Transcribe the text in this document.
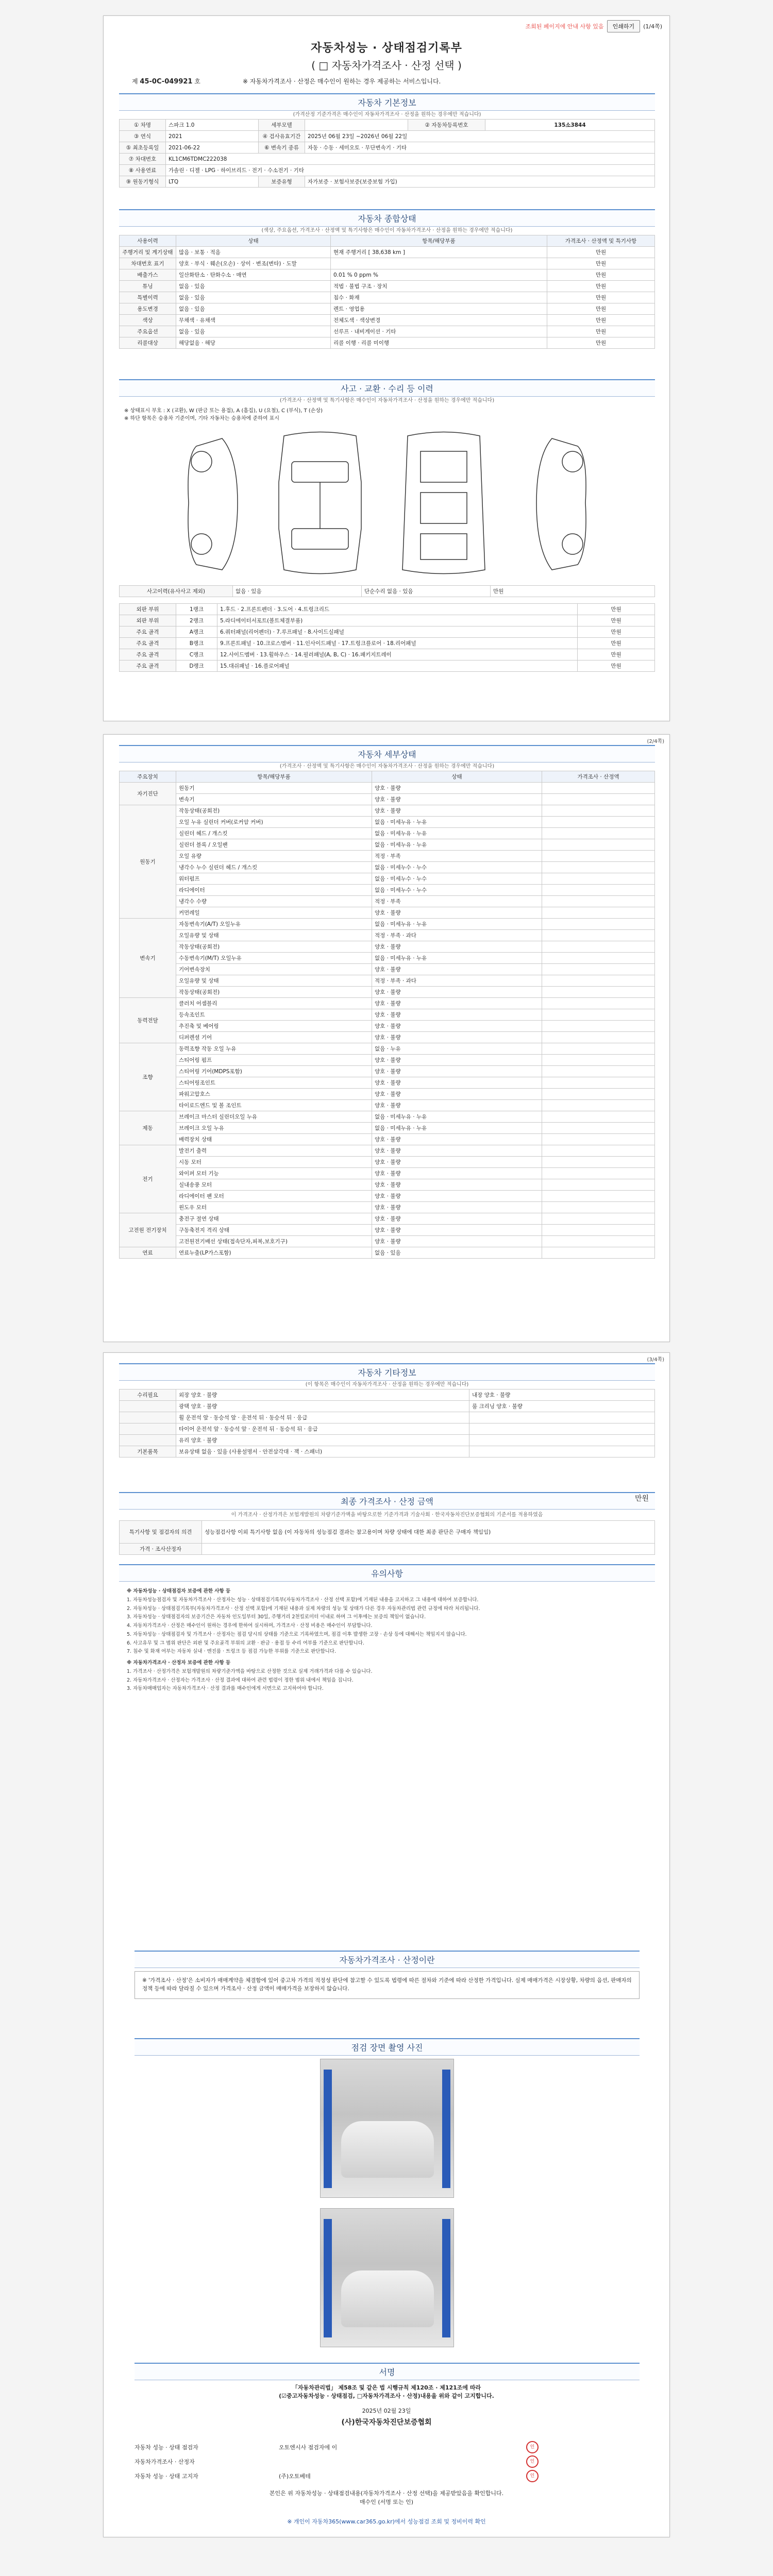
조회된 페이지에 안내 사항 있음	인쇄하기	(1/4쪽)
자동차성능 · 상태점검기록부
( □ 자동차가격조사 · 산정 선택 )
제 45-0C-049921 호	※ 자동차가격조사 · 산정은 매수인이 원하는 경우 제공하는 서비스입니다.
자동차 기본정보
(가격산정 기준가격은 매수인이 자동차가격조사 · 산정을 원하는 경우에만 적습니다)
① 차명	스파크 1.0	세부모델		② 자동차등록번호	135소3844
③ 연식	2021	④ 검사유효기간	2025년 06월 23일 ~2026년 06월 22일		
⑤ 최초등록일	2021-06-22	⑥ 변속기 종류	자동 · 수동 · 세미오토 · 무단변속기 · 기타		
⑦ 차대번호	KL1CM6TDMC222038				
⑧ 사용연료	가솔린 · 디젤 · LPG · 하이브리드 · 전기 · 수소전기 · 기타				
⑨ 원동기형식	LTQ	보증유형	자가보증 · 보험사보증(보증보험 가입)		
자동차 종합상태
(색상, 주요옵션, 가격조사 · 산정액 및 특기사항은 매수인이 자동차가격조사 · 산정을 원하는 경우에만 적습니다)
사용이력	상태	항목/해당부품	가격조사 · 산정액 및 특기사항
주행거리 및 계기상태	많음 · 보통 · 적음	현재 주행거리 [ 38,638 km ]	만원
차대번호 표기	양호 · 부식 · 훼손(오손) · 상이 · 변조(변타) · 도말		만원
배출가스	일산화탄소 · 탄화수소 · 매연	0.01 % 0 ppm %	만원
튜닝	없음 · 있음	적법 · 불법 구조 · 장치	만원
특별이력	없음 · 있음	침수 · 화재	만원
용도변경	없음 · 있음	렌트 · 영업용	만원
색상	무채색 · 유채색	전체도색 · 색상변경	만원
주요옵션	없음 · 있음	선루프 · 내비게이션 · 기타	만원
리콜대상	해당없음 · 해당	리콜 이행 · 리콜 미이행	만원
사고 · 교환 · 수리 등 이력
(가격조사 · 산정액 및 특기사항은 매수인이 자동차가격조사 · 산정을 원하는 경우에만 적습니다)
※ 상태표시 부호 : X (교환), W (판금 또는 용접), A (흠집), U (요철), C (부식), T (손상)
※ 하단 항목은 승용차 기준이며, 기타 자동차는 승용차에 준하여 표시
사고이력(유사사고 제외)	없음 · 있음	단순수리 없음 · 있음	만원
외판 부위	1랭크	1.후드 · 2.프론트펜더 · 3.도어 · 4.트렁크리드	만원
외판 부위	2랭크	5.라디에이터서포트(볼트체결부품)	만원
주요 골격	A랭크	6.쿼터패널(리어펜더) · 7.루프패널 · 8.사이드실패널	만원
주요 골격	B랭크	9.프론트패널 · 10.크로스멤버 · 11.인사이드패널 · 17.트렁크플로어 · 18.리어패널	만원
주요 골격	C랭크	12.사이드멤버 · 13.휠하우스 · 14.필러패널(A, B, C) · 16.패키지트레이	만원
주요 골격	D랭크	15.대쉬패널 · 16.플로어패널	만원
(2/4쪽)
자동차 세부상태
(가격조사 · 산정액 및 특기사항은 매수인이 자동차가격조사 · 산정을 원하는 경우에만 적습니다)
주요장치	항목/해당부품	상태	가격조사 · 산정액
자기진단	원동기	양호 · 불량	
	변속기	양호 · 불량	
원동기	작동상태(공회전)	양호 · 불량	
	오일 누유 실린더 커버(로커암 커버)	없음 · 미세누유 · 누유	
	실린더 헤드 / 개스킷	없음 · 미세누유 · 누유	
	실린더 블록 / 오일팬	없음 · 미세누유 · 누유	
	오일 유량	적정 · 부족	
	냉각수 누수 실린더 헤드 / 개스킷	없음 · 미세누수 · 누수	
	워터펌프	없음 · 미세누수 · 누수	
	라디에이터	없음 · 미세누수 · 누수	
	냉각수 수량	적정 · 부족	
	커먼레일	양호 · 불량	
변속기	자동변속기(A/T) 오일누유	없음 · 미세누유 · 누유	
	오일유량 및 상태	적정 · 부족 · 과다	
	작동상태(공회전)	양호 · 불량	
	수동변속기(M/T) 오일누유	없음 · 미세누유 · 누유	
	기어변속장치	양호 · 불량	
	오일유량 및 상태	적정 · 부족 · 과다	
	작동상태(공회전)	양호 · 불량	
동력전달	클러치 어셈블리	양호 · 불량	
	등속조인트	양호 · 불량	
	추진축 및 베어링	양호 · 불량	
	디퍼렌셜 기어	양호 · 불량	
조향	동력조향 작동 오일 누유	없음 · 누유	
	스티어링 펌프	양호 · 불량	
	스티어링 기어(MDPS포함)	양호 · 불량	
	스티어링조인트	양호 · 불량	
	파워고압호스	양호 · 불량	
	타이로드엔드 및 볼 조인트	양호 · 불량	
제동	브레이크 마스터 실린더오일 누유	없음 · 미세누유 · 누유	
	브레이크 오일 누유	없음 · 미세누유 · 누유	
	배력장치 상태	양호 · 불량	
전기	발전기 출력	양호 · 불량	
	시동 모터	양호 · 불량	
	와이퍼 모터 기능	양호 · 불량	
	실내송풍 모터	양호 · 불량	
	라디에이터 팬 모터	양호 · 불량	
	윈도우 모터	양호 · 불량	
고전원 전기장치	충전구 절연 상태	양호 · 불량	
	구동축전지 격리 상태	양호 · 불량	
	고전원전기배선 상태(접속단자,피복,보호기구)	양호 · 불량	
연료	연료누출(LP가스포함)	없음 · 있음	
(3/4쪽)
자동차 기타정보
(이 항목은 매수인이 자동차가격조사 · 산정을 원하는 경우에만 적습니다)
수리필요	외장 양호 · 불량	내장 양호 · 불량
	광택 양호 · 불량	룸 크리닝 양호 · 불량
	휠 운전석 앞 · 동승석 앞 · 운전석 뒤 · 동승석 뒤 · 응급	
	타이어 운전석 앞 · 동승석 앞 · 운전석 뒤 · 동승석 뒤 · 응급	
	유리 양호 · 불량	
기본품목	보유상태 없음 · 있음 (사용설명서 · 안전삼각대 · 잭 · 스패너)	
최종 가격조사 · 산정 금액	만원
이 가격조사 · 산정가격은 보험개발원의 차량기준가액을 바탕으로한 기준가격과 기술사회 · 한국자동차진단보증협회의 기준서를 적용하였음
특기사항 및 점검자의 의견	성능점검사항 이외 특기사항 없음 (이 자동차의 성능점검 결과는 참고용이며 차량 상태에 대한 최종 판단은 구매자 책임임)
가격 · 조사산정자	
유의사항

※ 자동차성능 · 상태점검자 보증에 관한 사항 등

1. 자동차성능점검자 및 자동차가격조사 · 산정자는 성능 · 상태점검기록부(자동차가격조사 · 산정 선택 포함)에 기재된 내용을 고지하고 그 내용에 대하여 보증합니다.

2. 자동차성능 · 상태점검기록부(자동차가격조사 · 산정 선택 포함)에 기재된 내용과 실제 차량의 성능 및 상태가 다른 경우 자동차관리법 관련 규정에 따라 처리됩니다.

3. 자동차성능 · 상태점검자의 보증기간은 자동차 인도일부터 30일, 주행거리 2천킬로미터 이내로 하며 그 이후에는 보증의 책임이 없습니다.

4. 자동차가격조사 · 산정은 매수인이 원하는 경우에 한하여 실시하며, 가격조사 · 산정 비용은 매수인이 부담합니다.

5. 자동차성능 · 상태점검자 및 가격조사 · 산정자는 점검 당시의 상태를 기준으로 기록하였으며, 점검 이후 발생한 고장 · 손상 등에 대해서는 책임지지 않습니다.

6. 사고유무 및 그 범위 판단은 외판 및 주요골격 부위의 교환 · 판금 · 용접 등 수리 여부를 기준으로 판단합니다.

7. 침수 및 화재 여부는 자동차 실내 · 엔진룸 · 트렁크 등 점검 가능한 부위를 기준으로 판단합니다.

※ 자동차가격조사 · 산정자 보증에 관한 사항 등

1. 가격조사 · 산정가격은 보험개발원의 차량기준가액을 바탕으로 산정한 것으로 실제 거래가격과 다를 수 있습니다.

2. 자동차가격조사 · 산정자는 가격조사 · 산정 결과에 대하여 관련 법령이 정한 범위 내에서 책임을 집니다.

3. 자동차매매업자는 자동차가격조사 · 산정 결과를 매수인에게 서면으로 고지하여야 합니다.

자동차가격조사 · 산정이란
※ '가격조사 · 산정'은 소비자가 매매계약을 체결함에 있어 중고차 가격의 적정성 판단에 참고할 수 있도록 법령에 따른 절차와 기준에 따라 산정한 가격입니다. 실제 매매가격은 시장상황, 차량의 옵션, 판매자의 정책 등에 따라 달라질 수 있으며 가격조사 · 산정 금액이 매매가격을 보장하지 않습니다.
점검 장면 촬영 사진
서명
「자동차관리법」 제58조 및 같은 법 시행규칙 제120조 · 제121조에 따라
(☑중고자동차성능 · 상태점검, □자동차가격조사 · 산정)내용을 위와 같이 고지합니다.
2025년 02월 23일
(사)한국자동차진단보증협회
자동차 성능 · 상태 점검자	오토엔시사 점검자에 이	인
자동차가격조사 · 산정자	인
자동차 성능 · 상태 고지자	(주)오토베테	인
본인은 위 자동차성능 · 상태점검내용(자동차가격조사 · 산정 선택)을 제공받았음을 확인합니다.
매수인 (서명 또는 인)
※ 개인이 자동차365(www.car365.go.kr)에서 성능점검 조회 및 정비이력 확인
